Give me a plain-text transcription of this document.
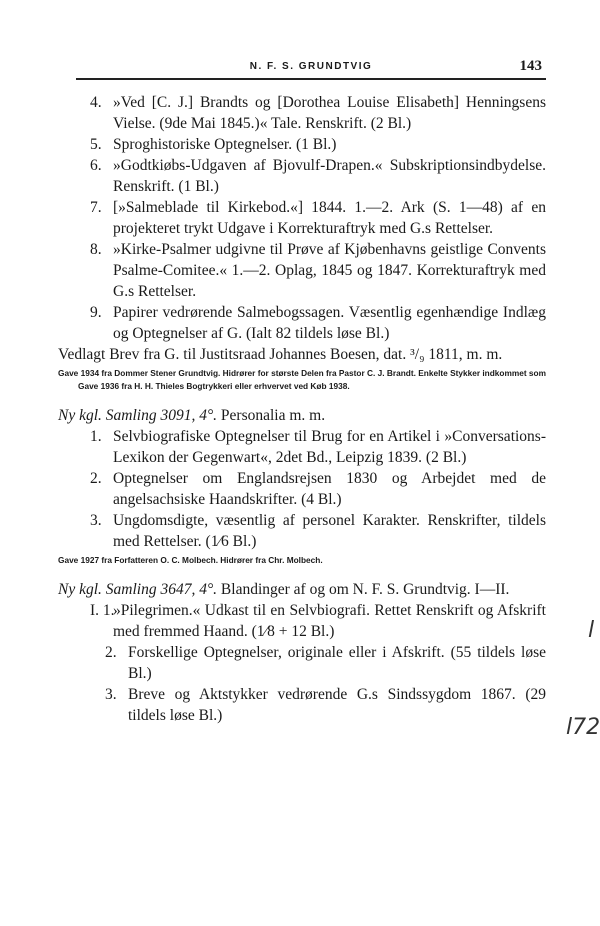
N. F. S. GRUNDTVIG	143
4. »Ved [C. J.] Brandts og [Dorothea Louise Elisabeth] Henningsens Vielse. (9de Mai 1845.)« Tale. Renskrift. (2 Bl.)
5. Sproghistoriske Optegnelser. (1 Bl.)
6. »Godtkiøbs-Udgaven af Bjovulf-Drapen.« Subskriptionsindbydelse. Renskrift. (1 Bl.)
7. [»Salmeblade til Kirkebod.«] 1844. 1.—2. Ark (S. 1—48) af en projekteret trykt Udgave i Korrekturaftryk med G.s Rettelser.
8. »Kirke-Psalmer udgivne til Prøve af Kjøbenhavns geistlige Convents Psalme-Comitee.« 1.—2. Oplag, 1845 og 1847. Korrekturaftryk med G.s Rettelser.
9. Papirer vedrørende Salmebogssagen. Væsentlig egenhændige Indlæg og Optegnelser af G. (Ialt 82 tildels løse Bl.)
Vedlagt Brev fra G. til Justitsraad Johannes Boesen, dat. ³/₉ 1811, m. m.
Gave 1934 fra Dommer Stener Grundtvig. Hidrører for største Delen fra Pastor C. J. Brandt. Enkelte Stykker indkommet som Gave 1936 fra H. H. Thieles Bogtrykkeri eller erhvervet ved Køb 1938.
Ny kgl. Samling 3091, 4°. Personalia m. m.
1. Selvbiografiske Optegnelser til Brug for en Artikel i »Conversations-Lexikon der Gegenwart«, 2det Bd., Leipzig 1839. (2 Bl.)
2. Optegnelser om Englandsrejsen 1830 og Arbejdet med de angelsachsiske Haandskrifter. (4 Bl.)
3. Ungdomsdigte, væsentlig af personel Karakter. Renskrifter, tildels med Rettelser. (1⁄6 Bl.)
Gave 1927 fra Forfatteren O. C. Molbech. Hidrører fra Chr. Molbech.
Ny kgl. Samling 3647, 4°. Blandinger af og om N. F. S. Grundtvig. I—II.
I. 1.
»Pilegrimen.« Udkast til en Selvbiografi. Rettet Renskrift og Afskrift med fremmed Haand. (1⁄8 + 12 Bl.)
2. Forskellige Optegnelser, originale eller i Afskrift. (55 tildels løse Bl.)
3. Breve og Aktstykker vedrørende G.s Sindssygdom 1867. (29 tildels løse Bl.)
l
l72
